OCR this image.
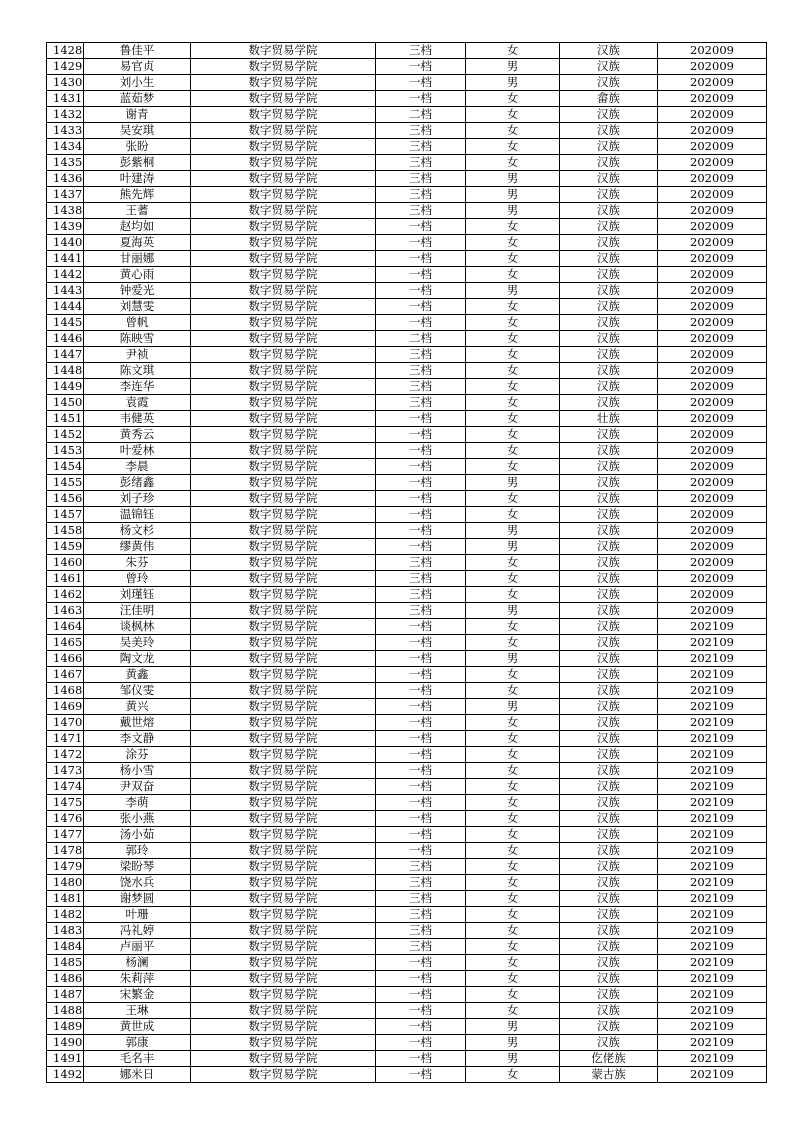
1428	鲁佳平	数字贸易学院	三档	女	汉族	202009
1429	易官贞	数字贸易学院	一档	男	汉族	202009
1430	刘小生	数字贸易学院	一档	男	汉族	202009
1431	蓝茹梦	数字贸易学院	一档	女	畲族	202009
1432	谢青	数字贸易学院	二档	女	汉族	202009
1433	吴安琪	数字贸易学院	三档	女	汉族	202009
1434	张盼	数字贸易学院	三档	女	汉族	202009
1435	彭紫桐	数字贸易学院	三档	女	汉族	202009
1436	叶建涛	数字贸易学院	三档	男	汉族	202009
1437	熊先辉	数字贸易学院	三档	男	汉族	202009
1438	王蓍	数字贸易学院	三档	男	汉族	202009
1439	赵均如	数字贸易学院	一档	女	汉族	202009
1440	夏海英	数字贸易学院	一档	女	汉族	202009
1441	甘丽娜	数字贸易学院	一档	女	汉族	202009
1442	黄心雨	数字贸易学院	一档	女	汉族	202009
1443	钟爱光	数字贸易学院	一档	男	汉族	202009
1444	刘慧雯	数字贸易学院	一档	女	汉族	202009
1445	曾帆	数字贸易学院	一档	女	汉族	202009
1446	陈映雪	数字贸易学院	二档	女	汉族	202009
1447	尹祯	数字贸易学院	三档	女	汉族	202009
1448	陈文琪	数字贸易学院	三档	女	汉族	202009
1449	李连华	数字贸易学院	三档	女	汉族	202009
1450	袁霞	数字贸易学院	三档	女	汉族	202009
1451	韦健英	数字贸易学院	一档	女	壮族	202009
1452	黄秀云	数字贸易学院	一档	女	汉族	202009
1453	叶爱林	数字贸易学院	一档	女	汉族	202009
1454	李晨	数字贸易学院	一档	女	汉族	202009
1455	彭绪鑫	数字贸易学院	一档	男	汉族	202009
1456	刘子珍	数字贸易学院	一档	女	汉族	202009
1457	温锦钰	数字贸易学院	一档	女	汉族	202009
1458	杨文杉	数字贸易学院	一档	男	汉族	202009
1459	缪黄伟	数字贸易学院	一档	男	汉族	202009
1460	朱芬	数字贸易学院	三档	女	汉族	202009
1461	曾玲	数字贸易学院	三档	女	汉族	202009
1462	刘瑾钰	数字贸易学院	三档	女	汉族	202009
1463	汪佳明	数字贸易学院	三档	男	汉族	202009
1464	谈枫林	数字贸易学院	一档	女	汉族	202109
1465	吴美玲	数字贸易学院	一档	女	汉族	202109
1466	陶文龙	数字贸易学院	一档	男	汉族	202109
1467	黄鑫	数字贸易学院	一档	女	汉族	202109
1468	邹仪雯	数字贸易学院	一档	女	汉族	202109
1469	黄兴	数字贸易学院	一档	男	汉族	202109
1470	戴世熔	数字贸易学院	一档	女	汉族	202109
1471	李文静	数字贸易学院	一档	女	汉族	202109
1472	涂芬	数字贸易学院	一档	女	汉族	202109
1473	杨小雪	数字贸易学院	一档	女	汉族	202109
1474	尹双奋	数字贸易学院	一档	女	汉族	202109
1475	李萌	数字贸易学院	一档	女	汉族	202109
1476	张小燕	数字贸易学院	一档	女	汉族	202109
1477	汤小茹	数字贸易学院	一档	女	汉族	202109
1478	郭玲	数字贸易学院	一档	女	汉族	202109
1479	梁盼琴	数字贸易学院	三档	女	汉族	202109
1480	饶水兵	数字贸易学院	三档	女	汉族	202109
1481	谢梦圆	数字贸易学院	三档	女	汉族	202109
1482	叶珊	数字贸易学院	三档	女	汉族	202109
1483	冯礼婷	数字贸易学院	三档	女	汉族	202109
1484	卢丽平	数字贸易学院	三档	女	汉族	202109
1485	杨澜	数字贸易学院	一档	女	汉族	202109
1486	朱莉萍	数字贸易学院	一档	女	汉族	202109
1487	宋繁金	数字贸易学院	一档	女	汉族	202109
1488	王琳	数字贸易学院	一档	女	汉族	202109
1489	黄世成	数字贸易学院	一档	男	汉族	202109
1490	郭康	数字贸易学院	一档	男	汉族	202109
1491	毛名丰	数字贸易学院	一档	男	仡佬族	202109
1492	娜米日	数字贸易学院	一档	女	蒙古族	202109
